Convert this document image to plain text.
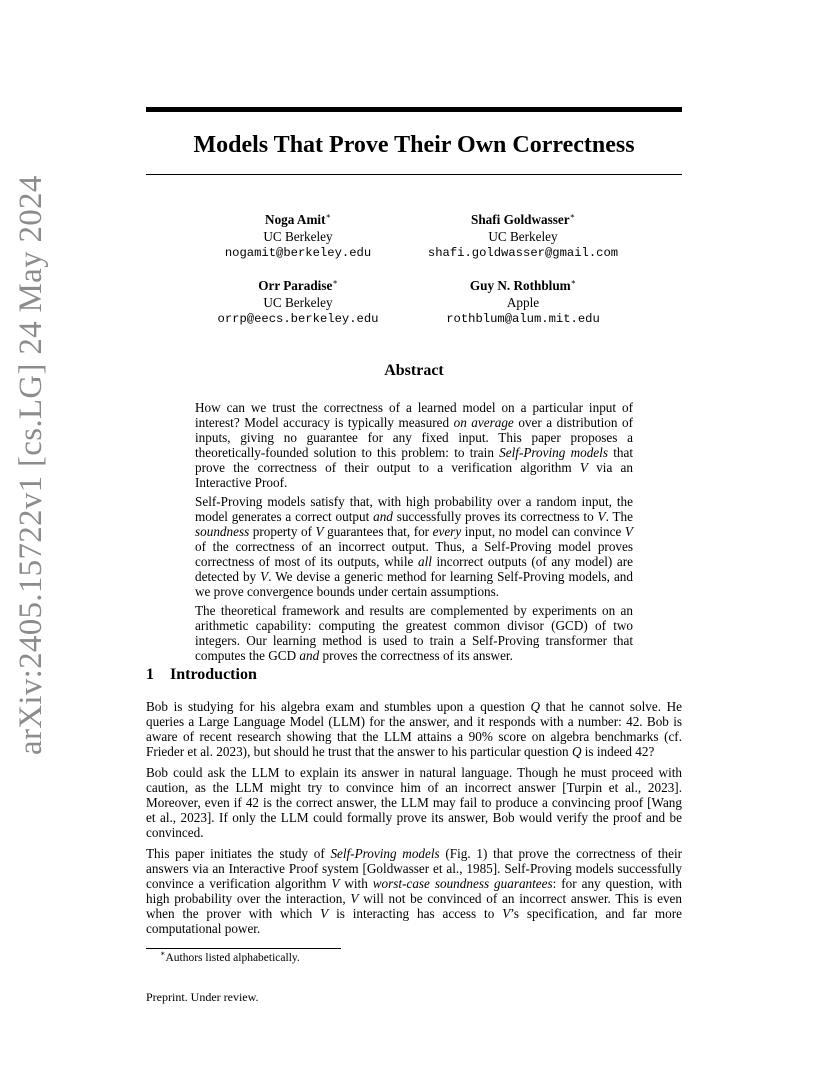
arXiv:2405.15722v1 [cs.LG] 24 May 2024
Models That Prove Their Own Correctness
Noga Amit∗
UC Berkeley
nogamit@berkeley.edu
Shafi Goldwasser∗
UC Berkeley
shafi.goldwasser@gmail.com
Orr Paradise∗
UC Berkeley
orrp@eecs.berkeley.edu
Guy N. Rothblum∗
Apple
rothblum@alum.mit.edu
Abstract

How can we trust the correctness of a learned model on a particular input of interest? Model accuracy is typically measured on average over a distribution of inputs, giving no guarantee for any fixed input. This paper proposes a theoretically-founded solution to this problem: to train Self-Proving models that prove the correctness of their output to a verification algorithm V via an Interactive Proof.

Self-Proving models satisfy that, with high probability over a random input, the model generates a correct output and successfully proves its correctness to V. The soundness property of V guarantees that, for every input, no model can convince V of the correctness of an incorrect output. Thus, a Self-Proving model proves correctness of most of its outputs, while all incorrect outputs (of any model) are detected by V. We devise a generic method for learning Self-Proving models, and we prove convergence bounds under certain assumptions.

The theoretical framework and results are complemented by experiments on an arithmetic capability: computing the greatest common divisor (GCD) of two integers. Our learning method is used to train a Self-Proving transformer that computes the GCD and proves the correctness of its answer.

1 Introduction

Bob is studying for his algebra exam and stumbles upon a question Q that he cannot solve. He queries a Large Language Model (LLM) for the answer, and it responds with a number: 42. Bob is aware of recent research showing that the LLM attains a 90% score on algebra benchmarks (cf. Frieder et al. 2023), but should he trust that the answer to his particular question Q is indeed 42?

Bob could ask the LLM to explain its answer in natural language. Though he must proceed with caution, as the LLM might try to convince him of an incorrect answer [Turpin et al., 2023]. Moreover, even if 42 is the correct answer, the LLM may fail to produce a convincing proof [Wang et al., 2023]. If only the LLM could formally prove its answer, Bob would verify the proof and be convinced.

This paper initiates the study of Self-Proving models (Fig. 1) that prove the correctness of their answers via an Interactive Proof system [Goldwasser et al., 1985]. Self-Proving models successfully convince a verification algorithm V with worst-case soundness guarantees: for any question, with high probability over the interaction, V will not be convinced of an incorrect answer. This is even when the prover with which V is interacting has access to V’s specification, and far more computational power.

∗Authors listed alphabetically.
Preprint. Under review.
